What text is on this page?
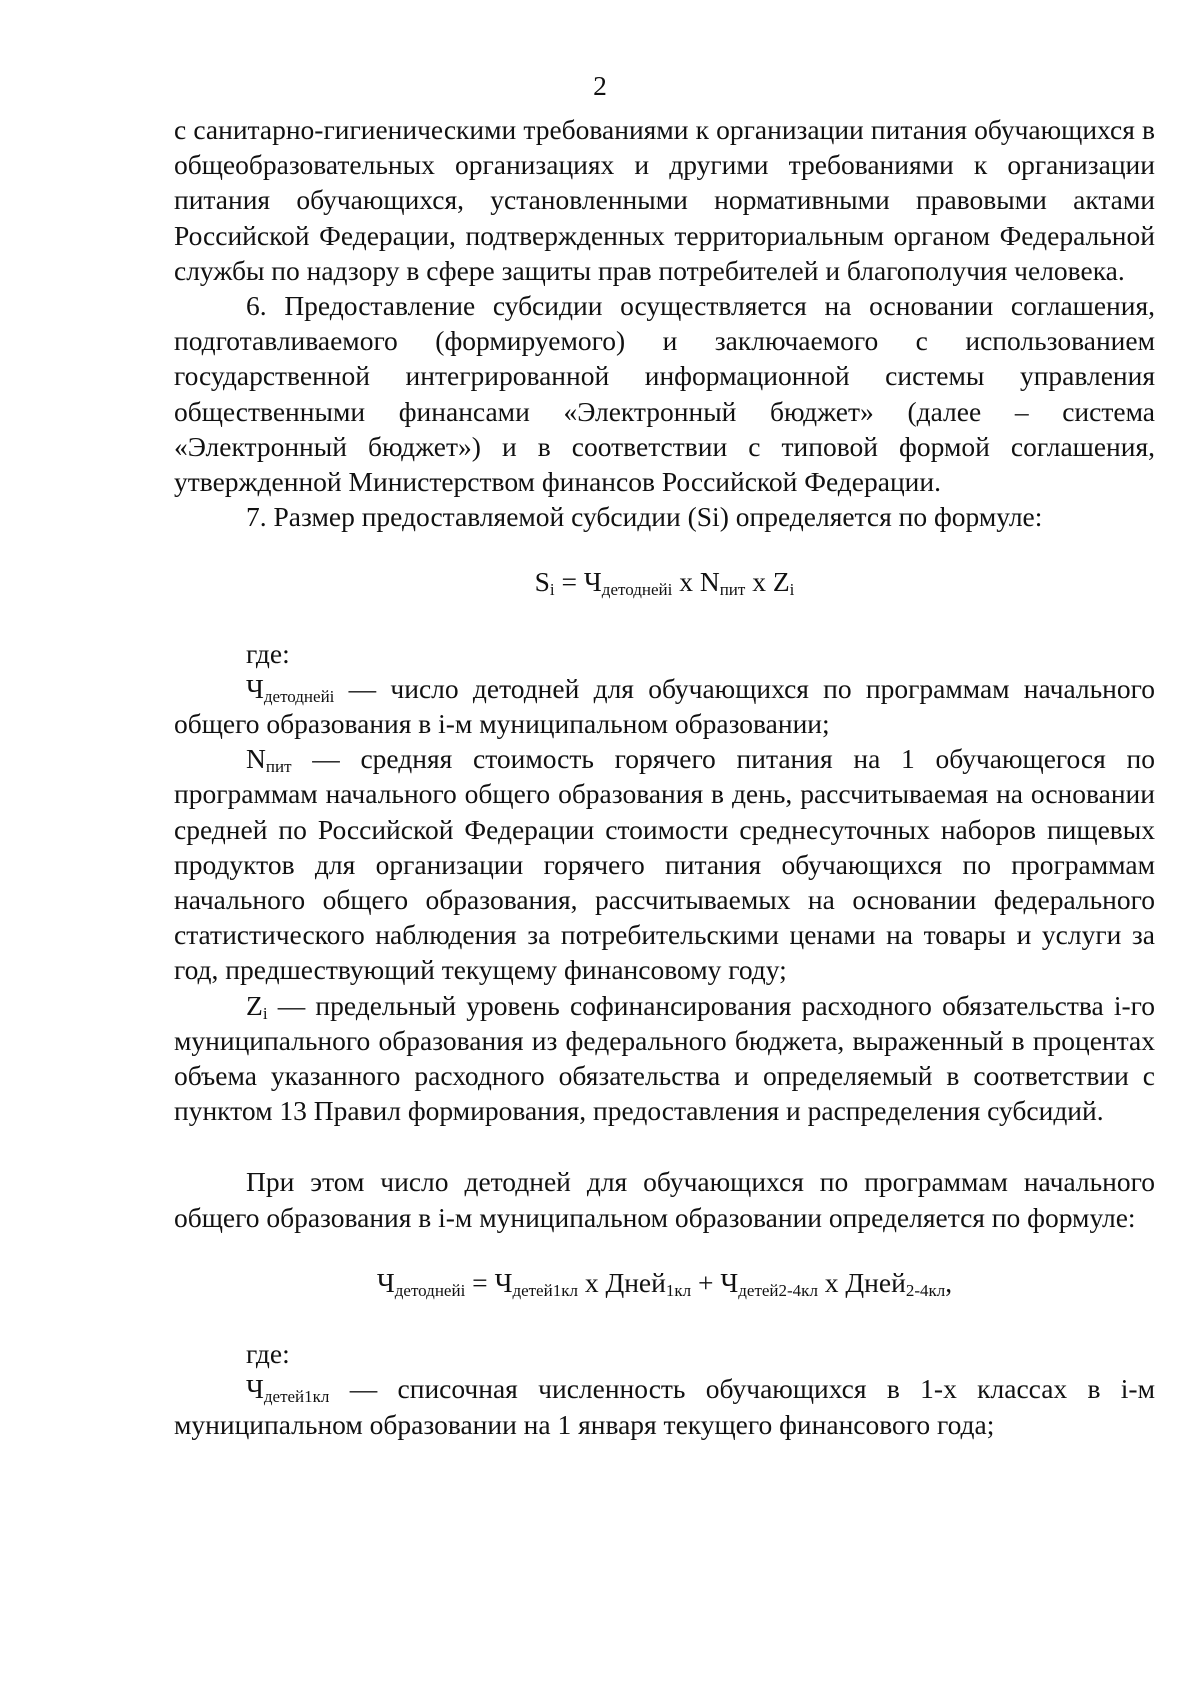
2

с санитарно-гигиеническими требованиями к организации питания обучающихся в общеобразовательных организациях и другими требованиями к организации питания обучающихся, установленными нормативными правовыми актами Российской Федерации, подтвержденных территориальным органом Федеральной службы по надзору в сфере защиты прав потребителей и благополучия человека.

6. Предоставление субсидии осуществляется на основании соглашения, подготавливаемого (формируемого) и заключаемого с использованием государственной интегрированной информационной системы управления общественными финансами «Электронный бюджет» (далее – система «Электронный бюджет») и в соответствии с типовой формой соглашения, утвержденной Министерством финансов Российской Федерации.

7. Размер предоставляемой субсидии (Si) определяется по формуле:

$S_i = Ч_{детоднейi}$ x $N_{пит}$ x $Z_i$

где:

$Ч_{детоднейi}$ — число детодней для обучающихся по программам начального общего образования в i-м муниципальном образовании;

$N_{пит}$ — средняя стоимость горячего питания на 1 обучающегося по программам начального общего образования в день, рассчитываемая на основании средней по Российской Федерации стоимости среднесуточных наборов пищевых продуктов для организации горячего питания обучающихся по программам начального общего образования, рассчитываемых на основании федерального статистического наблюдения за потребительскими ценами на товары и услуги за год, предшествующий текущему финансовому году;

$Z_i$ — предельный уровень софинансирования расходного обязательства i-го муниципального образования из федерального бюджета, выраженный в процентах объема указанного расходного обязательства и определяемый в соответствии с пунктом 13 Правил формирования, предоставления и распределения субсидий.

При этом число детодней для обучающихся по программам начального общего образования в i-м муниципальном образовании определяется по формуле:

$Ч_{детоднейi} = Ч_{детей1кл}$ x Дней$_{1кл}$ + $Ч_{детей2-4кл}$ x Дней$_{2-4кл}$,

где:

$Ч_{детей1кл}$ — списочная численность обучающихся в 1-х классах в i-м муниципальном образовании на 1 января текущего финансового года;
